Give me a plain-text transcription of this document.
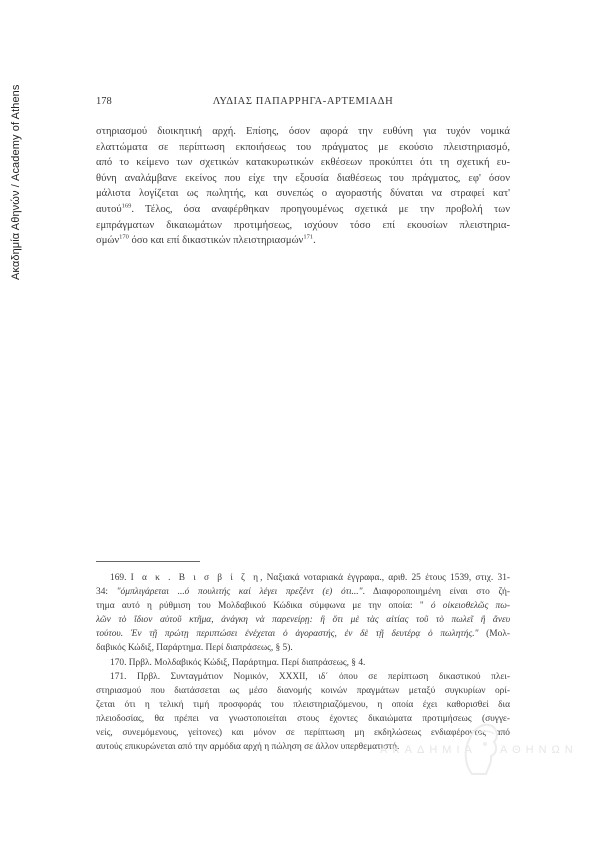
Ακαδημία Αθηνών / Academy of Athens	178	ΛΥΔΙΑΣ ΠΑΠΑΡΡΗΓΑ-ΑΡΤΕΜΙΑΔΗ
στηριασμού διοικητική αρχή. Επίσης, όσον αφορά την ευθύνη για τυχόν νομικά
ελαττώματα σε περίπτωση εκποιήσεως του πράγματος με εκούσιο πλειστηριασμό,
από το κείμενο των σχετικών κατακυρωτικών εκθέσεων προκύπτει ότι τη σχετική ευ-
θύνη αναλάμβανε εκείνος που είχε την εξουσία διαθέσεως του πράγματος, εφ' όσον
μάλιστα λογίζεται ως πωλητής, και συνεπώς ο αγοραστής δύναται να στραφεί κατ'
αυτού$^{169}$. Τέλος, όσα αναφέρθηκαν προηγουμένως σχετικά με την προβολή των
εμπράγματων δικαιωμάτων προτιμήσεως, ισχύουν τόσο επί εκουσίων πλειστηρια-
σμών$^{170}$ όσο και επί δικαστικών πλειστηριασμών$^{171}$.
169. Ι α κ . Β ι σ β ί ζ η, Ναξιακά νοταριακά έγγραφα., αριθ. 25 έτους 1539, στιχ. 31-
34: "όμπλιγάρεται ...ό πουλιτής καί λέγει πρεζέντ (ε) ότι...". Διαφοροποιημένη είναι στο ζή-
τημα αυτό η ρύθμιση του Μολδαβικού Κώδικα σύμφωνα με την οποία: " ό οἰκειοθελῶς πω-
λῶν τὸ ἴδιον αὐτοῦ κτῆμα, ἀνάγκη νὰ παρενείρῃ: ἢ ὅτι μὲ τὰς αἰτίας τοῦ τὸ πωλεῖ ἢ ἄνευ
τούτου. Ἐν τῇ πρώτῃ περιπτώσει ἐνέχεται ὁ ἀγοραστής, ἐν δὲ τῇ δευτέρᾳ ὁ πωλητής." (Μολ-
δαβικός Κώδιξ, Παράρτημα. Περί διαπράσεως, § 5).
170. Πρβλ. Μολδαβικός Κώδιξ, Παράρτημα. Περί διαπράσεως, § 4.
171. Πρβλ. Συνταγμάτιον Νομικόν, ΧΧΧΙΙ, ιδ΄ όπου σε περίπτωση δικαστικού πλει-
στηριασμού που διατάσσεται ως μέσο διανομής κοινών πραγμάτων μεταξύ συγκυρίων ορί-
ζεται ότι η τελική τιμή προσφοράς του πλειστηριαζόμενου, η οποία έχει καθορισθεί δια
πλειοδοσίας, θα πρέπει να γνωστοποιείται στους έχοντες δικαιώματα προτιμήσεως (συγγε-
νείς, συνεμόμενους, γείτονες) και μόνον σε περίπτωση μη εκδηλώσεως ενδιαφέροντος από
αυτούς επικυρώνεται από την αρμόδια αρχή η πώληση σε άλλον υπερθεματιστή.
ΑΚΑΔΗΜΙΑ ΑΘΗΝΩΝ
